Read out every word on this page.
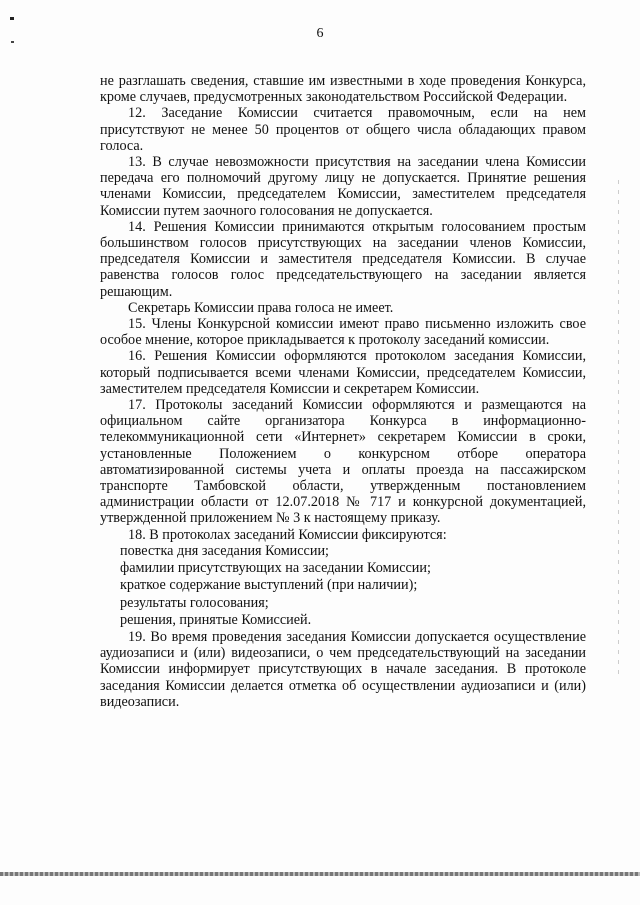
6

не разглашать сведения, ставшие им известными в ходе проведения Конкурса, кроме случаев, предусмотренных законодательством Российской Федерации.

12. Заседание Комиссии считается правомочным, если на нем присутствуют не менее 50 процентов от общего числа обладающих правом голоса.

13. В случае невозможности присутствия на заседании члена Комиссии передача его полномочий другому лицу не допускается. Принятие решения членами Комиссии, председателем Комиссии, заместителем председателя Комиссии путем заочного голосования не допускается.

14. Решения Комиссии принимаются открытым голосованием простым большинством голосов присутствующих на заседании членов Комиссии, председателя Комиссии и заместителя председателя Комиссии. В случае равенства голосов голос председательствующего на заседании является решающим.

Секретарь Комиссии права голоса не имеет.

15. Члены Конкурсной комиссии имеют право письменно изложить свое особое мнение, которое прикладывается к протоколу заседаний комиссии.

16. Решения Комиссии оформляются протоколом заседания Комиссии, который подписывается всеми членами Комиссии, председателем Комиссии, заместителем председателя Комиссии и секретарем Комиссии.

17. Протоколы заседаний Комиссии оформляются и размещаются на официальном сайте организатора Конкурса в информационно-телекоммуникационной сети «Интернет» секретарем Комиссии в сроки, установленные Положением о конкурсном отборе оператора автоматизированной системы учета и оплаты проезда на пассажирском транспорте Тамбовской области, утвержденным постановлением администрации области от 12.07.2018 № 717 и конкурсной документацией, утвержденной приложением № 3 к настоящему приказу.

18. В протоколах заседаний Комиссии фиксируются:

повестка дня заседания Комиссии;

фамилии присутствующих на заседании Комиссии;

краткое содержание выступлений (при наличии);

результаты голосования;

решения, принятые Комиссией.

19. Во время проведения заседания Комиссии допускается осуществление аудиозаписи и (или) видеозаписи, о чем председательствующий на заседании Комиссии информирует присутствующих в начале заседания. В протоколе заседания Комиссии делается отметка об осуществлении аудиозаписи и (или) видеозаписи.
